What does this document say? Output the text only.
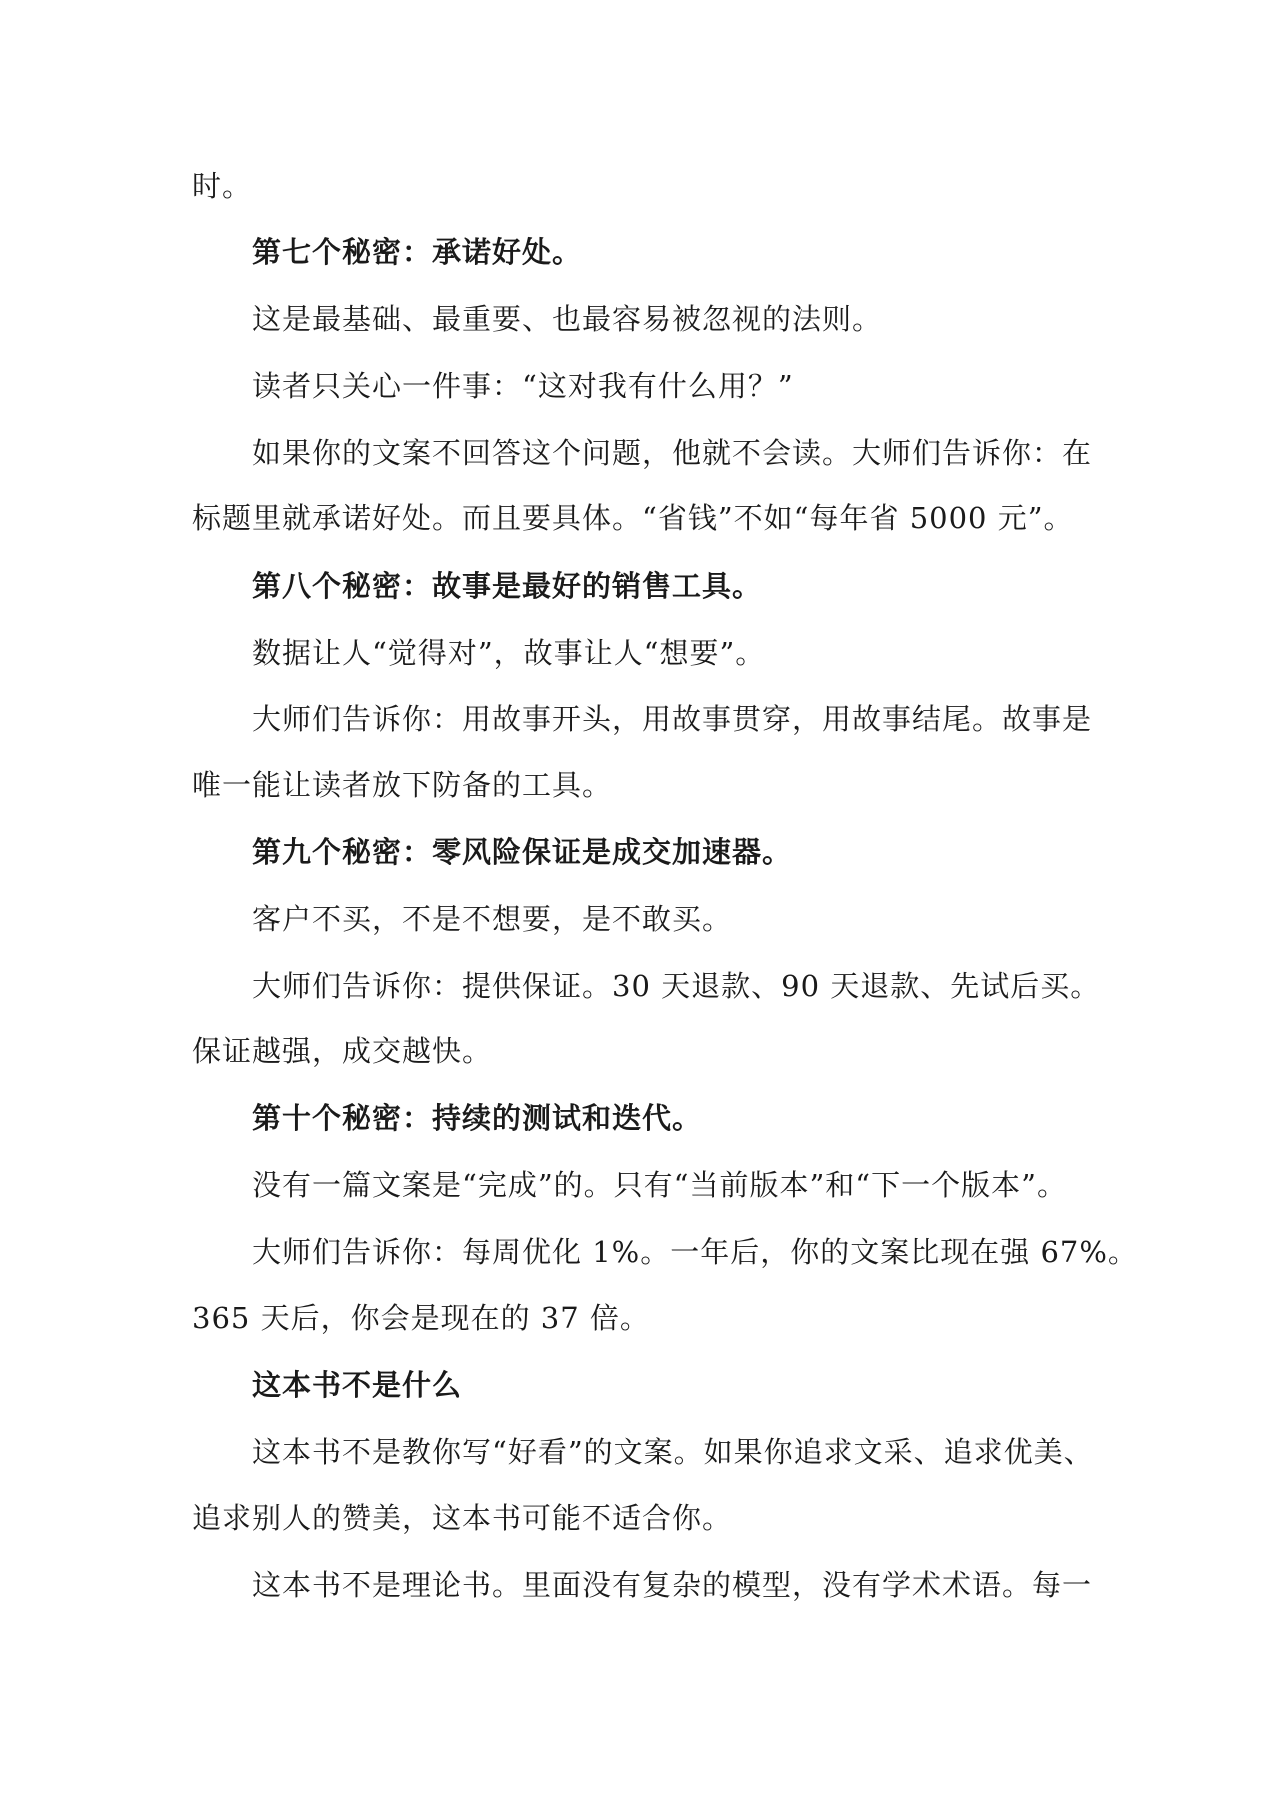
时。
第七个秘密：承诺好处。
这是最基础、最重要、也最容易被忽视的法则。
读者只关心一件事：“这对我有什么用？”
如果你的文案不回答这个问题，他就不会读。大师们告诉你：在
标题里就承诺好处。而且要具体。“省钱”不如“每年省 5000 元”。
第八个秘密：故事是最好的销售工具。
数据让人“觉得对”，故事让人“想要”。
大师们告诉你：用故事开头，用故事贯穿，用故事结尾。故事是
唯一能让读者放下防备的工具。
第九个秘密：零风险保证是成交加速器。
客户不买，不是不想要，是不敢买。
大师们告诉你：提供保证。30 天退款、90 天退款、先试后买。
保证越强，成交越快。
第十个秘密：持续的测试和迭代。
没有一篇文案是“完成”的。只有“当前版本”和“下一个版本”。
大师们告诉你：每周优化 1%。一年后，你的文案比现在强 67%。
365 天后，你会是现在的 37 倍。
这本书不是什么
这本书不是教你写“好看”的文案。如果你追求文采、追求优美、
追求别人的赞美，这本书可能不适合你。
这本书不是理论书。里面没有复杂的模型，没有学术术语。每一
